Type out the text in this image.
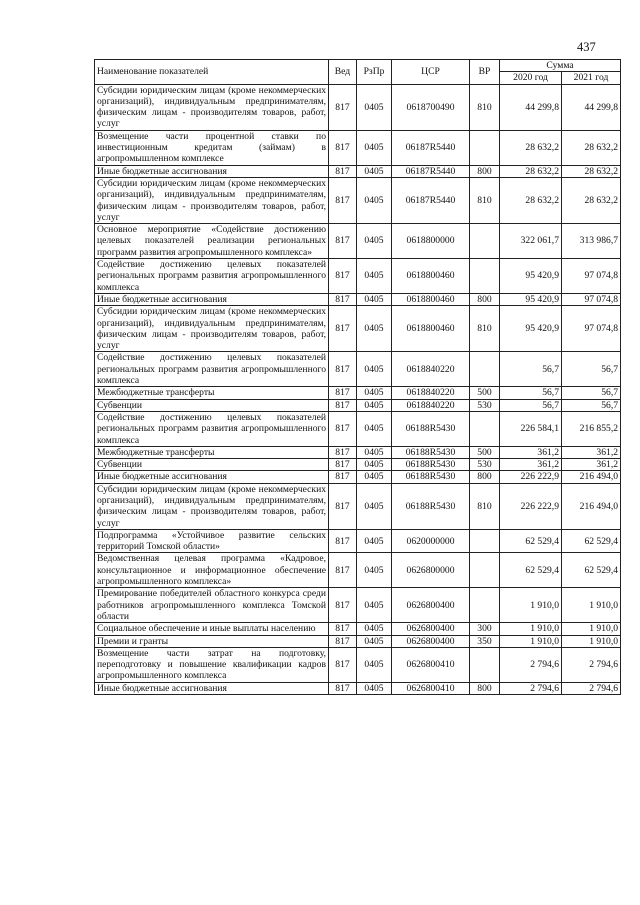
437
Наименование показателей	Вед	РзПр	ЦСР	ВР	Сумма	
					2020 год	2021 год
Субсидии юридическим лицам (кроме некоммерческих организаций), индивидуальным предпринимателям, физическим лицам - производителям товаров, работ, услуг	817	0405	0618700490	810	44 299,8	44 299,8
Возмещение части процентной ставки по инвестиционным кредитам (займам) в агропромышленном комплексе	817	0405	06187R5440		28 632,2	28 632,2
Иные бюджетные ассигнования	817	0405	06187R5440	800	28 632,2	28 632,2
Субсидии юридическим лицам (кроме некоммерческих организаций), индивидуальным предпринимателям, физическим лицам - производителям товаров, работ, услуг	817	0405	06187R5440	810	28 632,2	28 632,2
Основное мероприятие «Содействие достижению целевых показателей реализации региональных программ развития агропромышленного комплекса»	817	0405	0618800000		322 061,7	313 986,7
Содействие достижению целевых показателей региональных программ развития агропромышленного комплекса	817	0405	0618800460		95 420,9	97 074,8
Иные бюджетные ассигнования	817	0405	0618800460	800	95 420,9	97 074,8
Субсидии юридическим лицам (кроме некоммерческих организаций), индивидуальным предпринимателям, физическим лицам - производителям товаров, работ, услуг	817	0405	0618800460	810	95 420,9	97 074,8
Содействие достижению целевых показателей региональных программ развития агропромышленного комплекса	817	0405	0618840220		56,7	56,7
Межбюджетные трансферты	817	0405	0618840220	500	56,7	56,7
Субвенции	817	0405	0618840220	530	56,7	56,7
Содействие достижению целевых показателей региональных программ развития агропромышленного комплекса	817	0405	06188R5430		226 584,1	216 855,2
Межбюджетные трансферты	817	0405	06188R5430	500	361,2	361,2
Субвенции	817	0405	06188R5430	530	361,2	361,2
Иные бюджетные ассигнования	817	0405	06188R5430	800	226 222,9	216 494,0
Субсидии юридическим лицам (кроме некоммерческих организаций), индивидуальным предпринимателям, физическим лицам - производителям товаров, работ, услуг	817	0405	06188R5430	810	226 222,9	216 494,0
Подпрограмма «Устойчивое развитие сельских территорий Томской области»	817	0405	0620000000		62 529,4	62 529,4
Ведомственная целевая программа «Кадровое, консультационное и информационное обеспечение агропромышленного комплекса»	817	0405	0626800000		62 529,4	62 529,4
Премирование победителей областного конкурса среди работников агропромышленного комплекса Томской области	817	0405	0626800400		1 910,0	1 910,0
Социальное обеспечение и иные выплаты населению	817	0405	0626800400	300	1 910,0	1 910,0
Премии и гранты	817	0405	0626800400	350	1 910,0	1 910,0
Возмещение части затрат на подготовку, переподготовку и повышение квалификации кадров агропромышленного комплекса	817	0405	0626800410		2 794,6	2 794,6
Иные бюджетные ассигнования	817	0405	0626800410	800	2 794,6	2 794,6
